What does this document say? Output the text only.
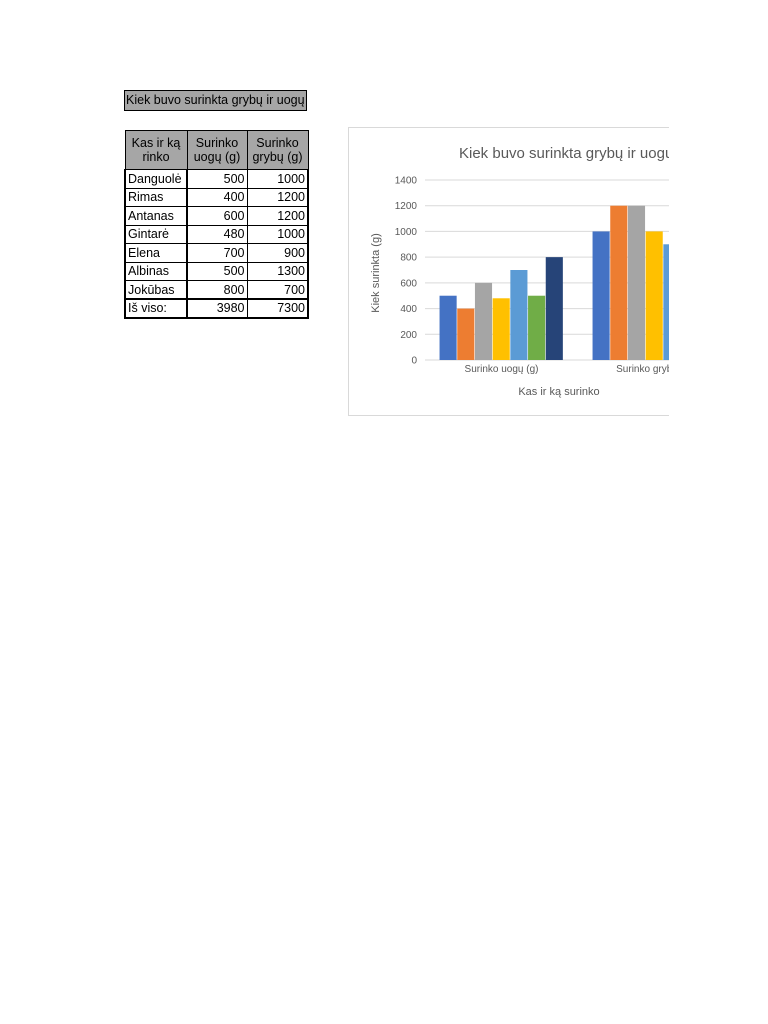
Kiek buvo surinkta grybų ir uogų
Kas ir ką rinko	Surinko uogų (g)	Surinko grybų (g)
Danguolė	500	1000
Rimas	400	1200
Antanas	600	1200
Gintarė	480	1000
Elena	700	900
Albinas	500	1300
Jokūbas	800	700
Iš viso:	3980	7300
Kiek buvo surinkta grybų ir uogų
0
200
400
600
800
1000
1200
1400
Surinko uogų (g)	Surinko grybų (g)
Kas ir ką surinko
Kiek surinkta (g)
